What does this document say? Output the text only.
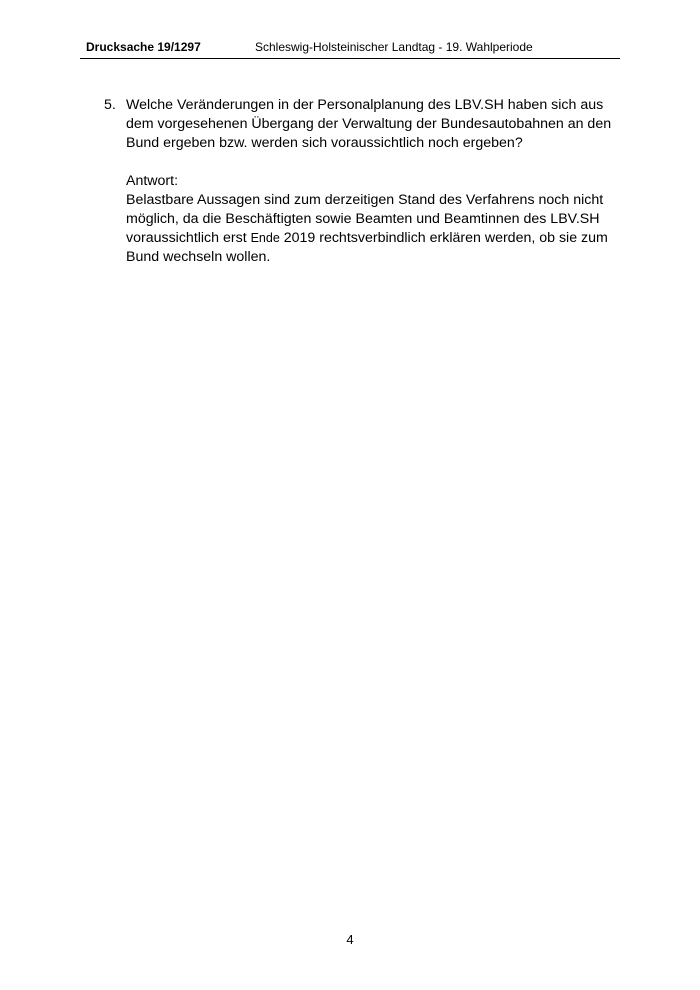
Drucksache 19/1297	Schleswig-Holsteinischer Landtag - 19. Wahlperiode
5. Welche Veränderungen in der Personalplanung des LBV.SH haben sich aus dem vorgesehenen Übergang der Verwaltung der Bundesautobahnen an den Bund ergeben bzw. werden sich voraussichtlich noch ergeben?
Antwort:
Belastbare Aussagen sind zum derzeitigen Stand des Verfahrens noch nicht möglich, da die Beschäftigten sowie Beamten und Beamtinnen des LBV.SH voraussichtlich erst Ende 2019 rechtsverbindlich erklären werden, ob sie zum Bund wechseln wollen.
4
